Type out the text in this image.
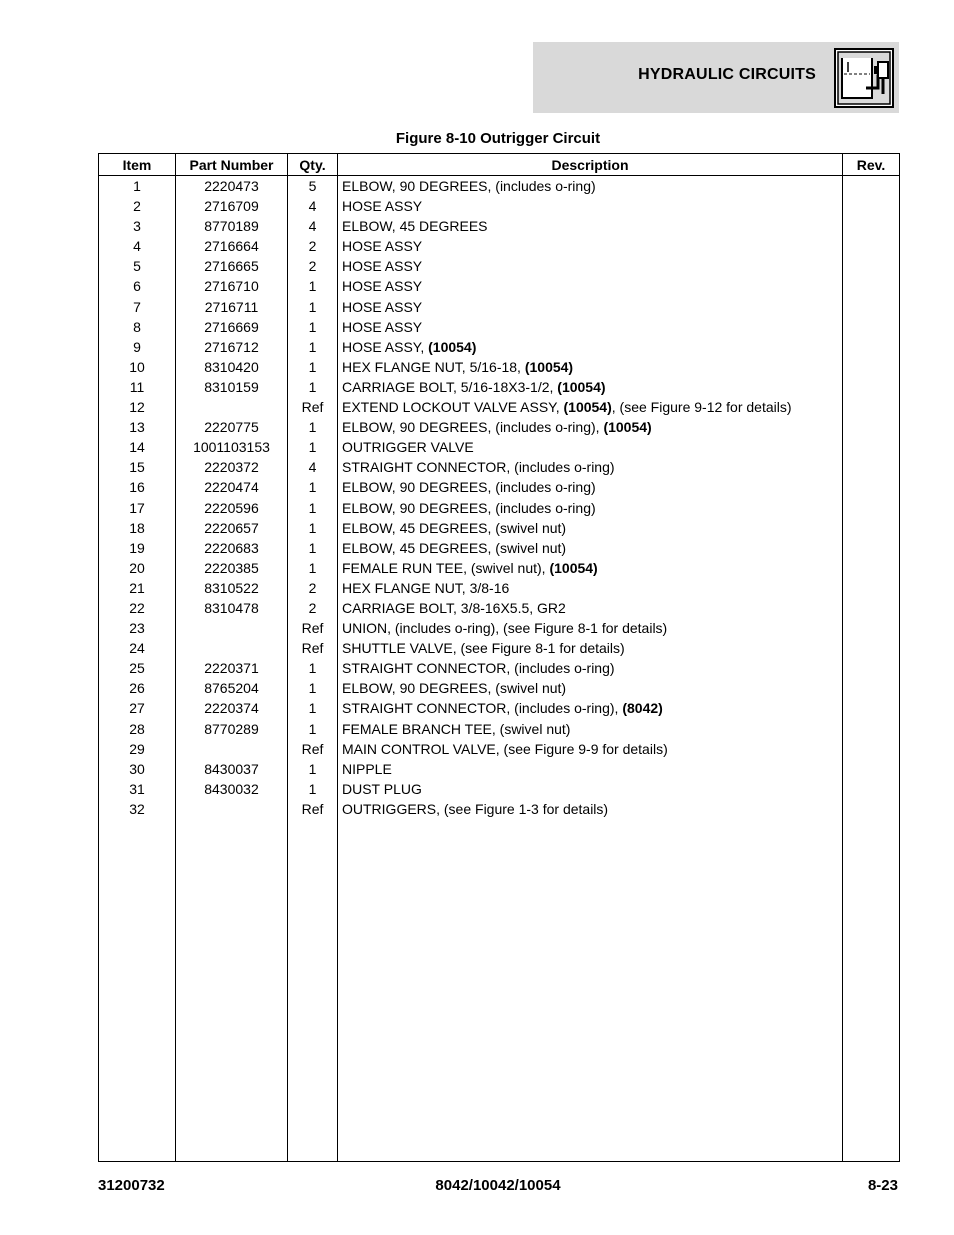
HYDRAULIC CIRCUITS
Figure 8-10 Outrigger Circuit
Item	Part Number	Qty.	Description	Rev.
1	2220473	5	ELBOW, 90 DEGREES, (includes o-ring)	
2	2716709	4	HOSE ASSY	
3	8770189	4	ELBOW, 45 DEGREES	
4	2716664	2	HOSE ASSY	
5	2716665	2	HOSE ASSY	
6	2716710	1	HOSE ASSY	
7	2716711	1	HOSE ASSY	
8	2716669	1	HOSE ASSY	
9	2716712	1	HOSE ASSY, (10054)	
10	8310420	1	HEX FLANGE NUT, 5/16-18, (10054)	
11	8310159	1	CARRIAGE BOLT, 5/16-18X3-1/2, (10054)	
12		Ref	EXTEND LOCKOUT VALVE ASSY, (10054), (see Figure 9-12 for details)	
13	2220775	1	ELBOW, 90 DEGREES, (includes o-ring), (10054)	
14	1001103153	1	OUTRIGGER VALVE	
15	2220372	4	STRAIGHT CONNECTOR, (includes o-ring)	
16	2220474	1	ELBOW, 90 DEGREES, (includes o-ring)	
17	2220596	1	ELBOW, 90 DEGREES, (includes o-ring)	
18	2220657	1	ELBOW, 45 DEGREES, (swivel nut)	
19	2220683	1	ELBOW, 45 DEGREES, (swivel nut)	
20	2220385	1	FEMALE RUN TEE, (swivel nut), (10054)	
21	8310522	2	HEX FLANGE NUT, 3/8-16	
22	8310478	2	CARRIAGE BOLT, 3/8-16X5.5, GR2	
23		Ref	UNION, (includes o-ring), (see Figure 8-1 for details)	
24		Ref	SHUTTLE VALVE, (see Figure 8-1 for details)	
25	2220371	1	STRAIGHT CONNECTOR, (includes o-ring)	
26	8765204	1	ELBOW, 90 DEGREES, (swivel nut)	
27	2220374	1	STRAIGHT CONNECTOR, (includes o-ring), (8042)	
28	8770289	1	FEMALE BRANCH TEE, (swivel nut)	
29		Ref	MAIN CONTROL VALVE, (see Figure 9-9 for details)	
30	8430037	1	NIPPLE	
31	8430032	1	DUST PLUG	
32		Ref	OUTRIGGERS, (see Figure 1-3 for details)	

31200732	8042/10042/10054	8-23
